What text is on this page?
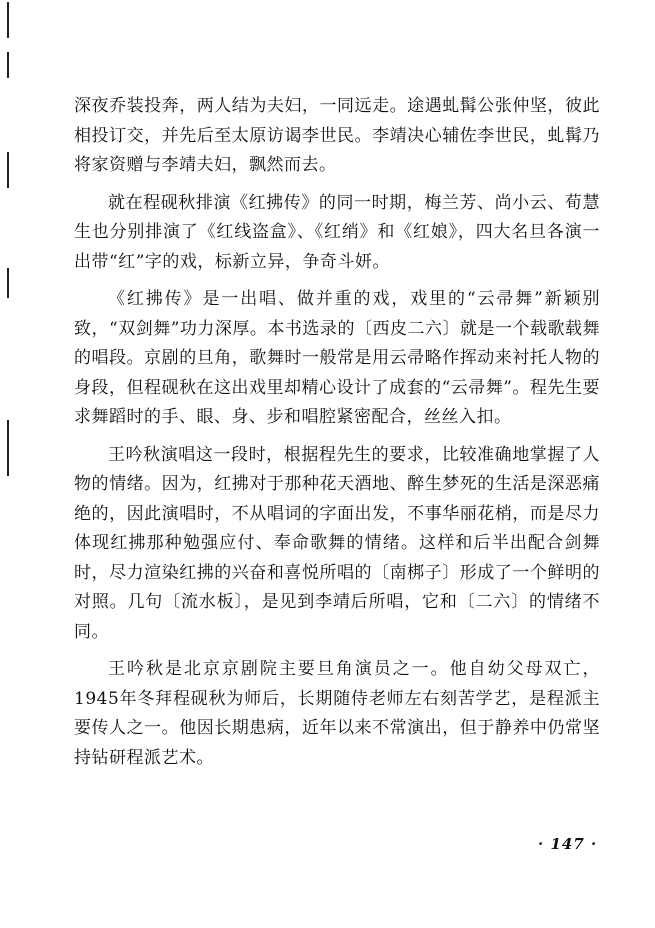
深夜乔装投奔，两人结为夫妇，一同远走。途遇虬髯公张仲坚，彼此相投订交，并先后至太原访谒李世民。李靖决心辅佐李世民，虬髯乃将家资赠与李靖夫妇，飘然而去。

就在程砚秋排演《红拂传》的同一时期，梅兰芳、尚小云、荀慧生也分别排演了《红线盗盒》、《红绡》和《红娘》，四大名旦各演一出带“红”字的戏，标新立异，争奇斗妍。

《红拂传》是一出唱、做并重的戏，戏里的“云帚舞”新颖别致，“双剑舞”功力深厚。本书选录的〔西皮二六〕就是一个载歌载舞的唱段。京剧的旦角，歌舞时一般常是用云帚略作挥动来衬托人物的身段，但程砚秋在这出戏里却精心设计了成套的“云帚舞”。程先生要求舞蹈时的手、眼、身、步和唱腔紧密配合，丝丝入扣。

王吟秋演唱这一段时，根据程先生的要求，比较准确地掌握了人物的情绪。因为，红拂对于那种花天酒地、醉生梦死的生活是深恶痛绝的，因此演唱时，不从唱词的字面出发，不事华丽花梢，而是尽力体现红拂那种勉强应付、奉命歌舞的情绪。这样和后半出配合剑舞时，尽力渲染红拂的兴奋和喜悦所唱的〔南梆子〕形成了一个鲜明的对照。几句〔流水板〕，是见到李靖后所唱，它和〔二六〕的情绪不同。

王吟秋是北京京剧院主要旦角演员之一。他自幼父母双亡，1945年冬拜程砚秋为师后，长期随侍老师左右刻苦学艺，是程派主要传人之一。他因长期患病，近年以来不常演出，但于静养中仍常坚持钻研程派艺术。

· 147 ·
